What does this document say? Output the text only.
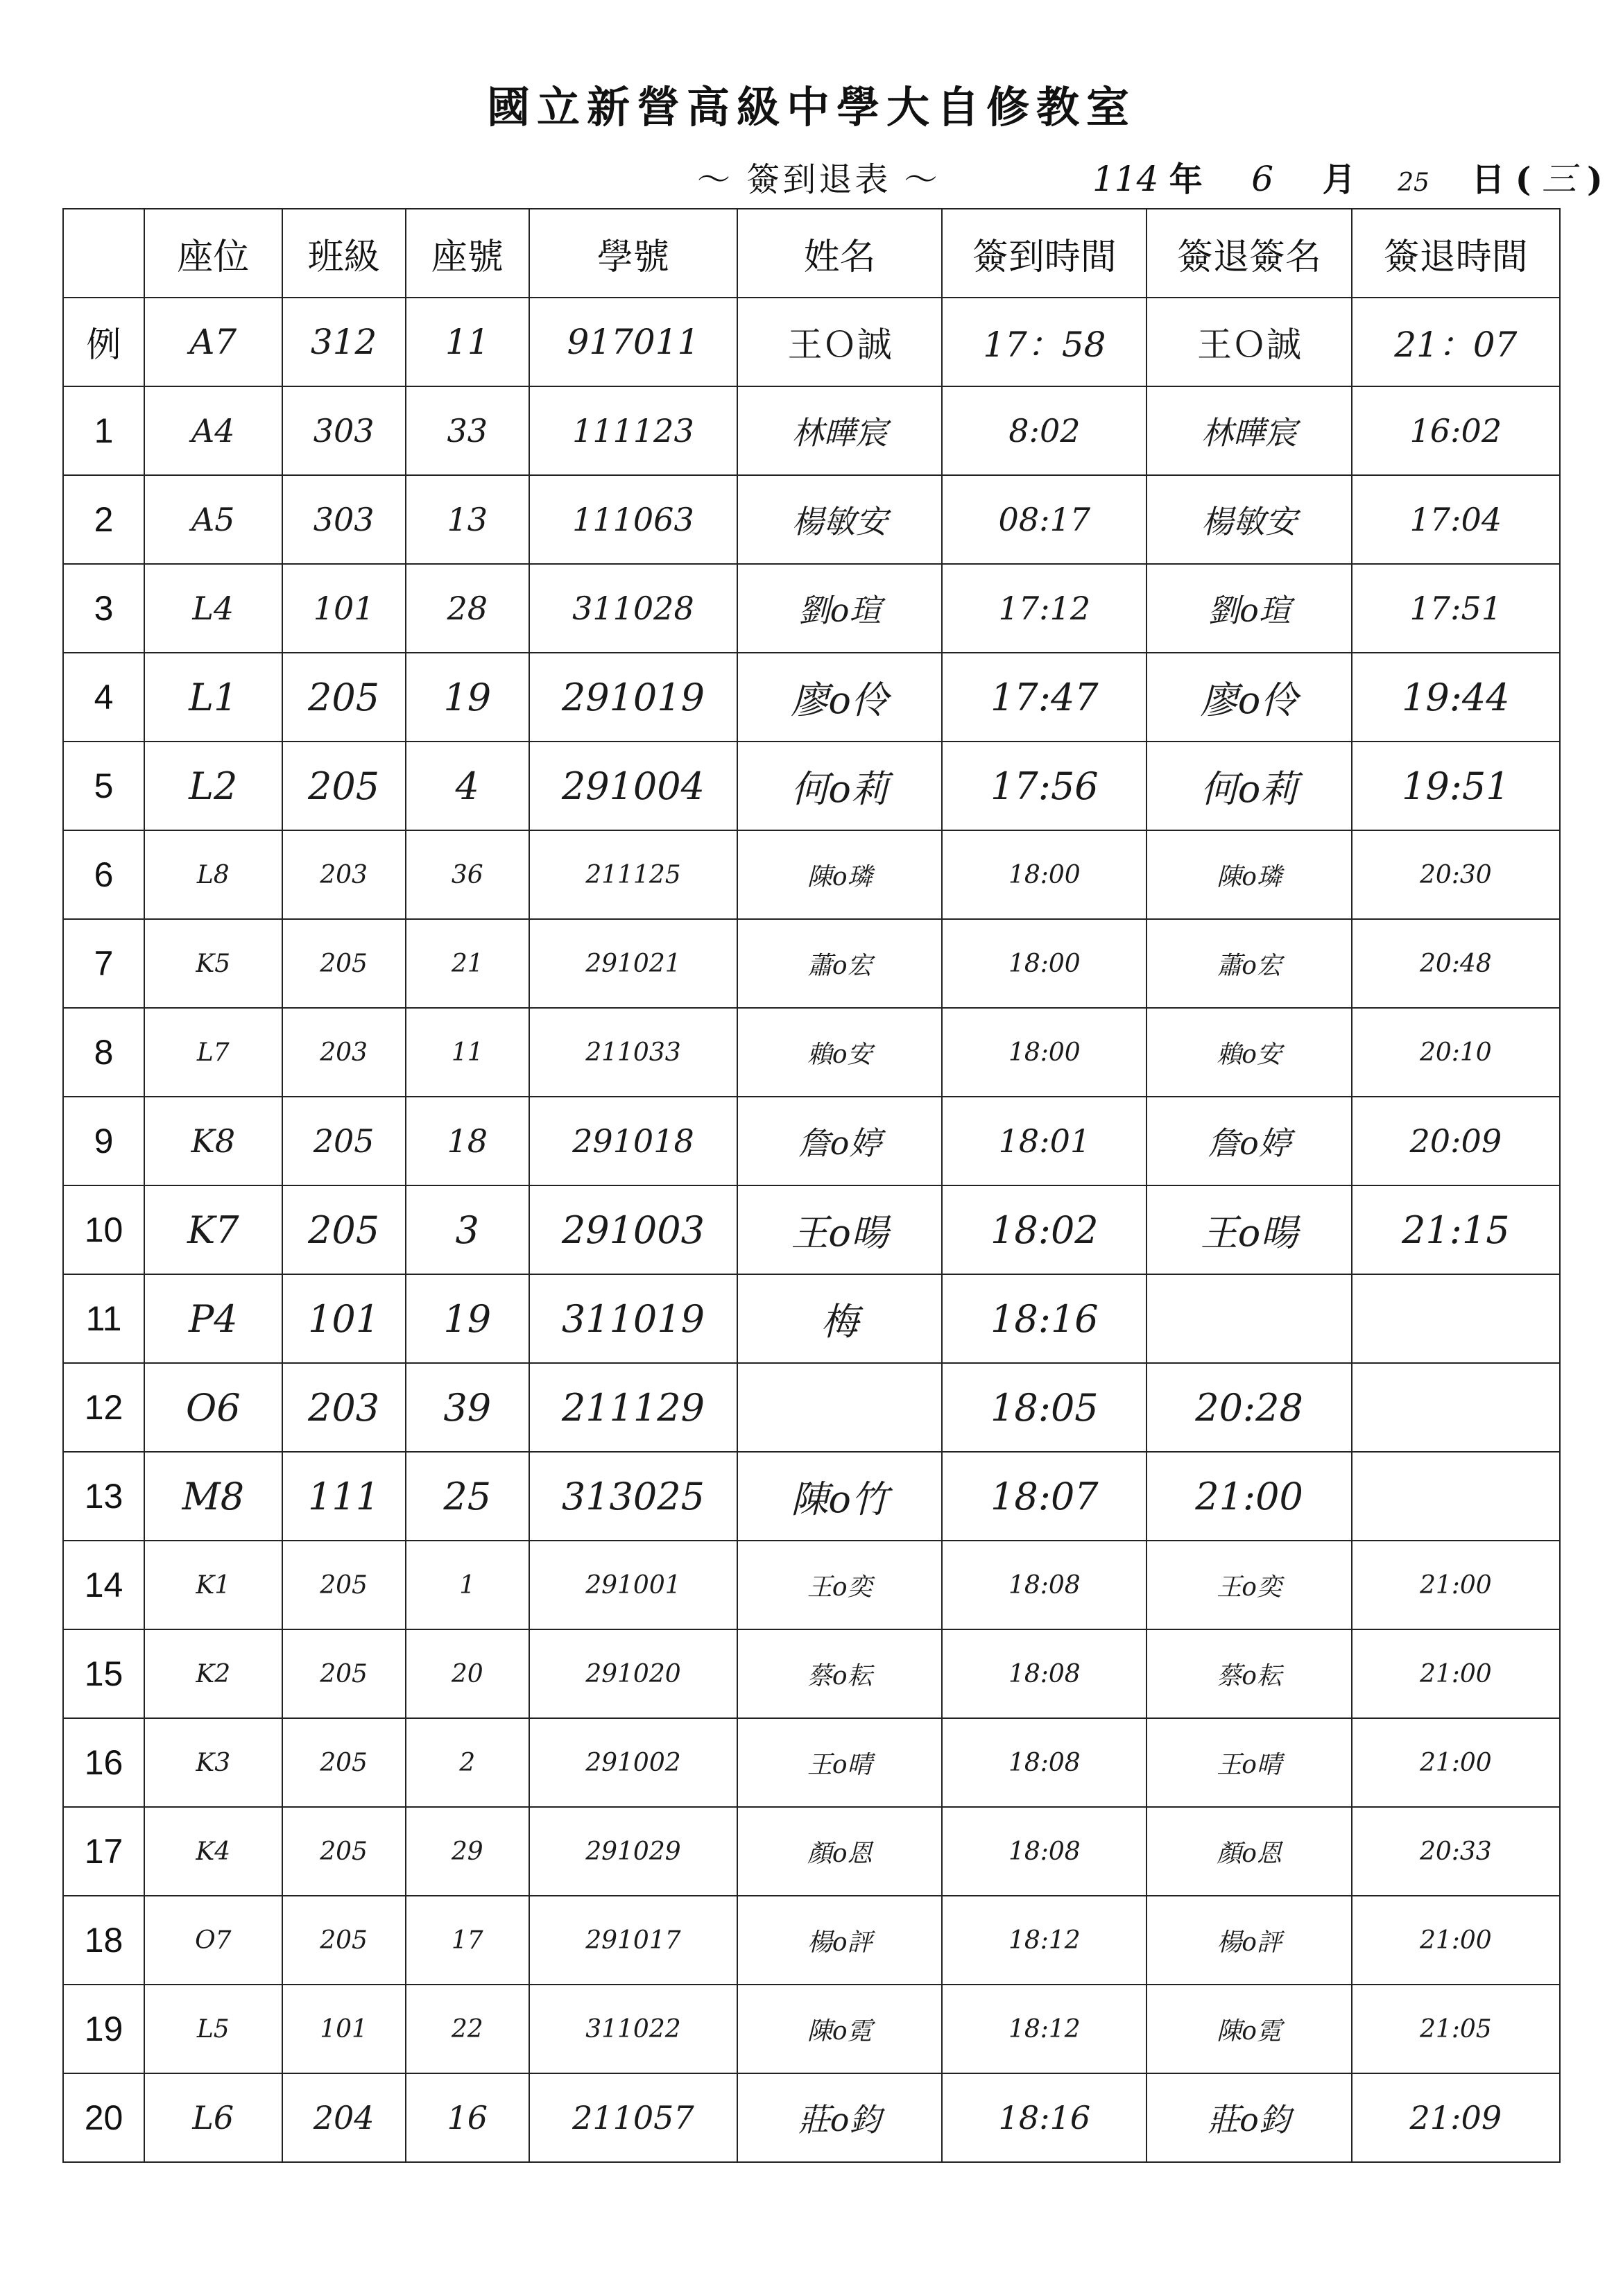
國立新營高級中學大自修教室
～ 簽到退表 ～	114 年 6 月 25 日 ( 三 )
	座位	班級	座號	學號	姓名	簽到時間	簽退簽名	簽退時間
例	A7	312	11	917011	王Ｏ誠	17：58	王Ｏ誠	21：07
1	A4	303	33	111123	林曄宸	8:02	林曄宸	16:02
2	A5	303	13	111063	楊敏安	08:17	楊敏安	17:04
3	L4	101	28	311028	劉o瑄	17:12	劉o瑄	17:51
4	L1	205	19	291019	廖o伶	17:47	廖o伶	19:44
5	L2	205	4	291004	何o莉	17:56	何o莉	19:51
6	L8	203	36	211125	陳o璘	18:00	陳o璘	20:30
7	K5	205	21	291021	蕭o宏	18:00	蕭o宏	20:48
8	L7	203	11	211033	賴o安	18:00	賴o安	20:10
9	K8	205	18	291018	詹o婷	18:01	詹o婷	20:09
10	K7	205	3	291003	王o暘	18:02	王o暘	21:15
11	P4	101	19	311019	梅	18:16		
12	O6	203	39	211129		18:05	20:28	
13	M8	111	25	313025	陳o竹	18:07	21:00	
14	K1	205	1	291001	王o奕	18:08	王o奕	21:00
15	K2	205	20	291020	蔡o耘	18:08	蔡o耘	21:00
16	K3	205	2	291002	王o晴	18:08	王o晴	21:00
17	K4	205	29	291029	顏o恩	18:08	顏o恩	20:33
18	O7	205	17	291017	楊o評	18:12	楊o評	21:00
19	L5	101	22	311022	陳o霓	18:12	陳o霓	21:05
20	L6	204	16	211057	莊o鈞	18:16	莊o鈞	21:09
